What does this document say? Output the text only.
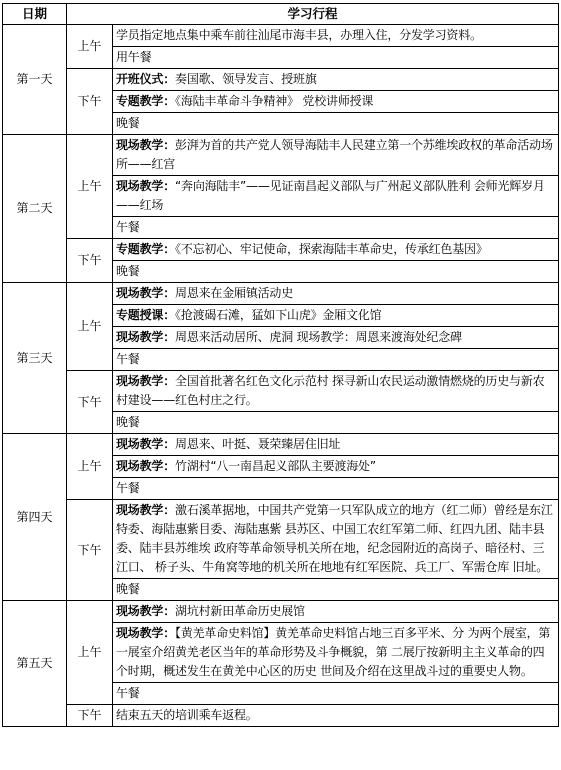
日期	学习行程	
第一天	上午	学员指定地点集中乘车前往汕尾市海丰县，办理入住，分发学习资料。
		用午餐
	下午	开班仪式：奏国歌、领导发言、授班旗
		专题教学：《海陆丰革命斗争精神》 党校讲师授课
		晚餐
第二天	上午	现场教学：彭湃为首的共产党人领导海陆丰人民建立第一个苏维埃政权的革命活动场所——红宫
		现场教学：“奔向海陆丰”——见证南昌起义部队与广州起义部队胜利 会师光辉岁月——红场
		午餐
	下午	专题教学：《不忘初心、牢记使命，探索海陆丰革命史，传承红色基因》
		晚餐
第三天	上午	现场教学：周恩来在金厢镇活动史
		专题授课：《抢渡碣石滩，猛如下山虎》金厢文化馆
		现场教学：周恩来活动居所、虎洞 现场教学：周恩来渡海处纪念碑
		午餐
	下午	现场教学：全国首批著名红色文化示范村 探寻新山农民运动激情燃烧的历史与新农村建设——红色村庄之行。
		晚餐
第四天	上午	现场教学：周恩来、叶挺、聂荣臻居住旧址
		现场教学：竹湖村“八一南昌起义部队主要渡海处”
		午餐
	下午	现场教学：激石溪革据地，中国共产党第一只军队成立的地方（红二师）曾经是东江特委、海陆惠紫目委、海陆惠紫 县苏区、中国工农红军第二师、红四九团、陆丰县委、陆丰县苏维埃 政府等革命领导机关所在地，纪念园附近的高岗子、暗径村、三江口、 桥子头、牛角窝等地的机关所在地地有红军医院、兵工厂、军需仓库 旧址。
		晚餐
第五天	上午	现场教学：湖坑村新田革命历史展馆
		现场教学：【黄羌革命史料馆】黄羌革命史料馆占地三百多平米、分 为两个展室，第一展室介绍黄羌老区当年的革命形势及斗争概貌，第 二展厅按新明主主义革命的四个时期，概述发生在黄羌中心区的历史 世间及介绍在这里战斗过的重要史人物。
		午餐
	下午	结束五天的培训乘车返程。
